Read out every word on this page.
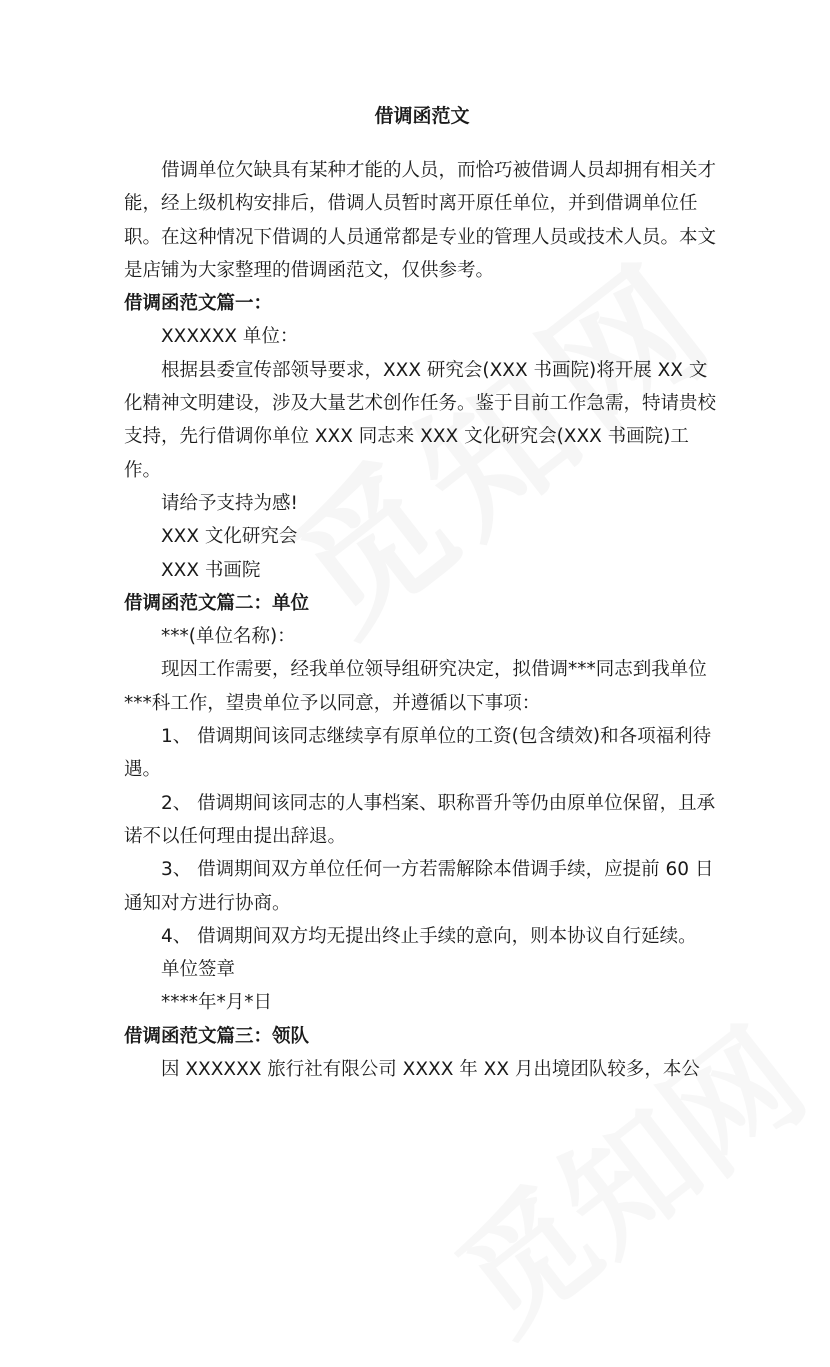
借调函范文

借调单位欠缺具有某种才能的人员，而恰巧被借调人员却拥有相关才能，经上级机构安排后，借调人员暂时离开原任单位，并到借调单位任职。在这种情况下借调的人员通常都是专业的管理人员或技术人员。本文是店铺为大家整理的借调函范文，仅供参考。

借调函范文篇一：

XXXXXX 单位：

根据县委宣传部领导要求，XXX 研究会(XXX 书画院)将开展 XX 文化精神文明建设，涉及大量艺术创作任务。鉴于目前工作急需，特请贵校支持，先行借调你单位 XXX 同志来 XXX 文化研究会(XXX 书画院)工作。

请给予支持为感!

XXX 文化研究会

XXX 书画院

借调函范文篇二：单位

***(单位名称)：

现因工作需要，经我单位领导组研究决定，拟借调***同志到我单位***科工作，望贵单位予以同意，并遵循以下事项：

1、 借调期间该同志继续享有原单位的工资(包含绩效)和各项福利待遇。

2、 借调期间该同志的人事档案、职称晋升等仍由原单位保留，且承诺不以任何理由提出辞退。

3、 借调期间双方单位任何一方若需解除本借调手续，应提前 60 日通知对方进行协商。

4、 借调期间双方均无提出终止手续的意向，则本协议自行延续。

单位签章

****年*月*日

借调函范文篇三：领队

因 XXXXXX 旅行社有限公司 XXXX 年 XX 月出境团队较多，本公
